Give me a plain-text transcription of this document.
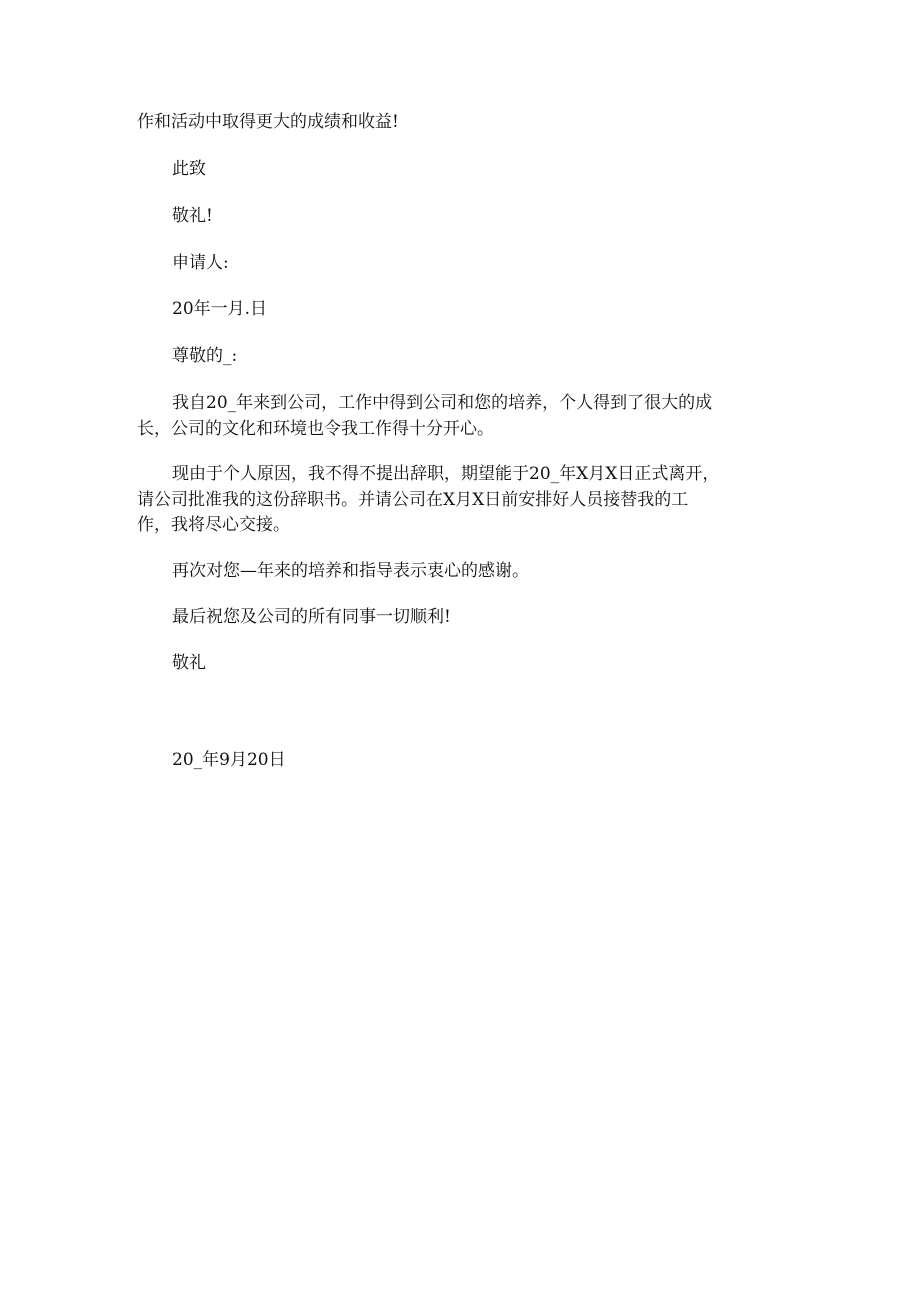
作和活动中取得更大的成绩和收益!
此致
敬礼!
申请人:
20年一月.日
尊敬的_:
我自20_年来到公司，工作中得到公司和您的培养，个人得到了很大的成
长，公司的文化和环境也令我工作得十分开心。
现由于个人原因，我不得不提出辞职，期望能于20_年X月X日正式离开，
请公司批准我的这份辞职书。并请公司在X月X日前安排好人员接替我的工
作，我将尽心交接。
再次对您—年来的培养和指导表示衷心的感谢。
最后祝您及公司的所有同事一切顺利!
敬礼
20_年9月20日
